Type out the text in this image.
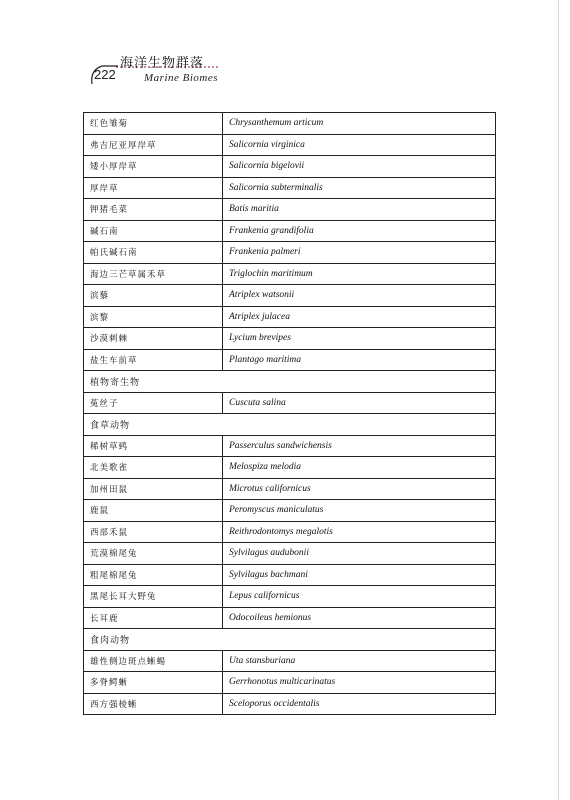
222
海洋生物群落
Marine Biomes
红色雏菊	Chrysanthemum articum
弗吉尼亚厚岸草	Salicornia virginica
矮小厚岸草	Salicornia bigelovii
厚岸草	Salicornia subterminalis
钾猪毛菜	Batis maritia
碱石南	Frankenia grandifolia
帕氏碱石南	Frankenia palmeri
海边三芒草属禾草	Triglochin maritimum
滨藜	Atriplex watsonii
滨黎	Atriplex julacea
沙漠刺棘	Lycium brevipes
盐生车前草	Plantago maritima
植物寄生物	
菟丝子	Cuscuta salina
食草动物	
稀树草鹀	Passerculus sandwichensis
北美歌雀	Melospiza melodia
加州田鼠	Microtus californicus
鹿鼠	Peromyscus maniculatus
西部禾鼠	Reithrodontomys megalotis
荒漠棉尾兔	Sylvilagus audubonii
粗尾棉尾兔	Sylvilagus bachmani
黑尾长耳大野兔	Lepus californicus
长耳鹿	Odocoileus hemionus
食肉动物	
雄性侧边斑点蜥蜴	Uta stansburiana
多脊鳄蜥	Gerrhonotus multicarinatus
西方强棱蜥	Sceloporus occidentalis
